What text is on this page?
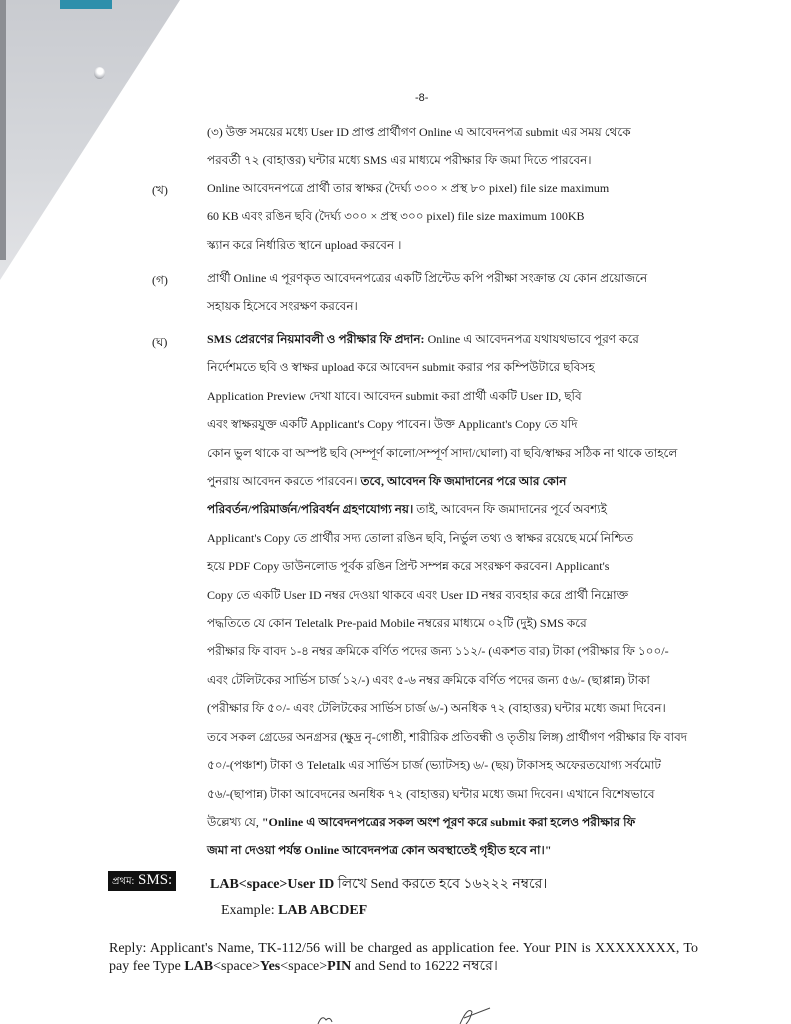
-8-
(৩) উক্ত সময়ের মধ্যে User ID প্রাপ্ত প্রার্থীগণ Online এ আবেদনপত্র submit এর সময় থেকে
পরবর্তী ৭২ (বাহাত্তর) ঘন্টার মধ্যে SMS এর মাধ্যমে পরীক্ষার ফি জমা দিতে পারবেন।
(খ)	Online আবেদনপত্রে প্রার্থী তার স্বাক্ষর (দৈর্ঘ্য ৩০০ × প্রস্থ ৮০ pixel) file size maximum
60 KB এবং রঙিন ছবি (দৈর্ঘ্য ৩০০ × প্রস্থ ৩০০ pixel) file size maximum 100KB
স্ক্যান করে নির্ধারিত স্থানে upload করবেন ।
(গ)	প্রার্থী Online এ পূরণকৃত আবেদনপত্রের একটি প্রিন্টেড কপি পরীক্ষা সংক্রান্ত যে কোন প্রয়োজনে
সহায়ক হিসেবে সংরক্ষণ করবেন।
(ঘ)	SMS প্রেরণের নিয়মাবলী ও পরীক্ষার ফি প্রদান: Online এ আবেদনপত্র যথাযথভাবে পূরণ করে
নির্দেশমতে ছবি ও স্বাক্ষর upload করে আবেদন submit করার পর কম্পিউটারে ছবিসহ
Application Preview দেখা যাবে। আবেদন submit করা প্রার্থী একটি User ID, ছবি
এবং স্বাক্ষরযুক্ত একটি Applicant's Copy পাবেন। উক্ত Applicant's Copy তে যদি
কোন ভুল থাকে বা অস্পষ্ট ছবি (সম্পূর্ণ কালো/সম্পূর্ণ সাদা/ঘোলা) বা ছবি/স্বাক্ষর সঠিক না থাকে তাহলে
পুনরায় আবেদন করতে পারবেন। তবে, আবেদন ফি জমাদানের পরে আর কোন
পরিবর্তন/পরিমার্জন/পরিবর্ধন গ্রহণযোগ্য নয়। তাই, আবেদন ফি জমাদানের পূর্বে অবশ্যই
Applicant's Copy তে প্রার্থীর সদ্য তোলা রঙিন ছবি, নির্ভুল তথ্য ও স্বাক্ষর রয়েছে মর্মে নিশ্চিত
হয়ে PDF Copy ডাউনলোড পূর্বক রঙিন প্রিন্ট সম্পন্ন করে সংরক্ষণ করবেন। Applicant's
Copy তে একটি User ID নম্বর দেওয়া থাকবে এবং User ID নম্বর ব্যবহার করে প্রার্থী নিম্নোক্ত
পদ্ধতিতে যে কোন Teletalk Pre-paid Mobile নম্বরের মাধ্যমে ০২টি (দুই) SMS করে
পরীক্ষার ফি বাবদ ১-৪ নম্বর ক্রমিকে বর্ণিত পদের জন্য ১১২/- (একশত বার) টাকা (পরীক্ষার ফি ১০০/-
এবং টেলিটকের সার্ভিস চার্জ ১২/-) এবং ৫-৬ নম্বর ক্রমিকে বর্ণিত পদের জন্য ৫৬/- (ছাপ্পান্ন) টাকা
(পরীক্ষার ফি ৫০/- এবং টেলিটকের সার্ভিস চার্জ ৬/-) অনধিক ৭২ (বাহাত্তর) ঘন্টার মধ্যে জমা দিবেন।
তবে সকল গ্রেডের অনগ্রসর (ক্ষুদ্র নৃ-গোষ্ঠী, শারীরিক প্রতিবন্ধী ও তৃতীয় লিঙ্গ) প্রার্থীগণ পরীক্ষার ফি বাবদ
৫০/-(পঞ্চাশ) টাকা ও Teletalk এর সার্ভিস চার্জ (ভ্যাটসহ) ৬/- (ছয়) টাকাসহ অফেরতযোগ্য সর্বমোট
৫৬/-(ছাপান্ন) টাকা আবেদনের অনধিক ৭২ (বাহাত্তর) ঘন্টার মধ্যে জমা দিবেন। এখানে বিশেষভাবে
উল্লেখ্য যে, "Online এ আবেদনপত্রের সকল অংশ পূরণ করে submit করা হলেও পরীক্ষার ফি
জমা না দেওয়া পর্যন্ত Online আবেদনপত্র কোন অবস্থাতেই গৃহীত হবে না।"
প্রথম: SMS:	LAB<space>User ID লিখে Send করতে হবে ১৬২২২ নম্বরে।
Example: LAB ABCDEF
Reply: Applicant's Name, TK-112/56 will be charged as application fee. Your PIN is XXXXXXXX, To pay fee Type LAB<space>Yes<space>PIN and Send to 16222 নম্বরে।
